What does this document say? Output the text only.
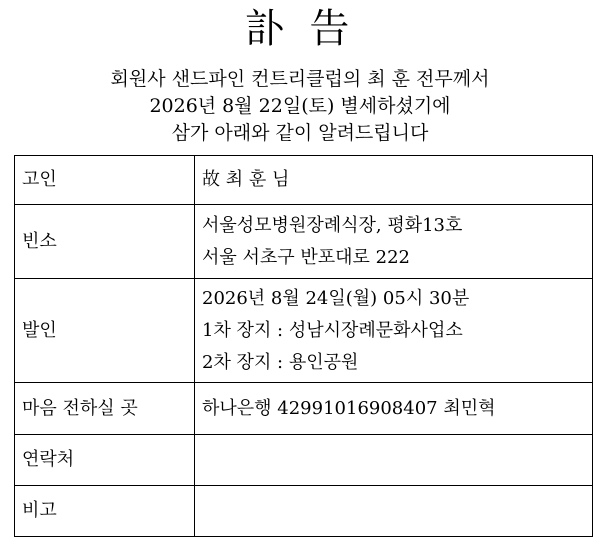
訃 告
회원사 샌드파인 컨트리클럽의 최 훈 전무께서
2026년 8월 22일(토) 별세하셨기에
삼가 아래와 같이 알려드립니다
고인	故 최 훈 님
빈소	서울성모병원장례식장, 평화13호
서울 서초구 반포대로 222

발인	2026년 8월 24일(월) 05시 30분
1차 장지 : 성남시장례문화사업소
2차 장지 : 용인공원

마음 전하실 곳	하나은행 42991016908407 최민혁
연락처	
비고	
